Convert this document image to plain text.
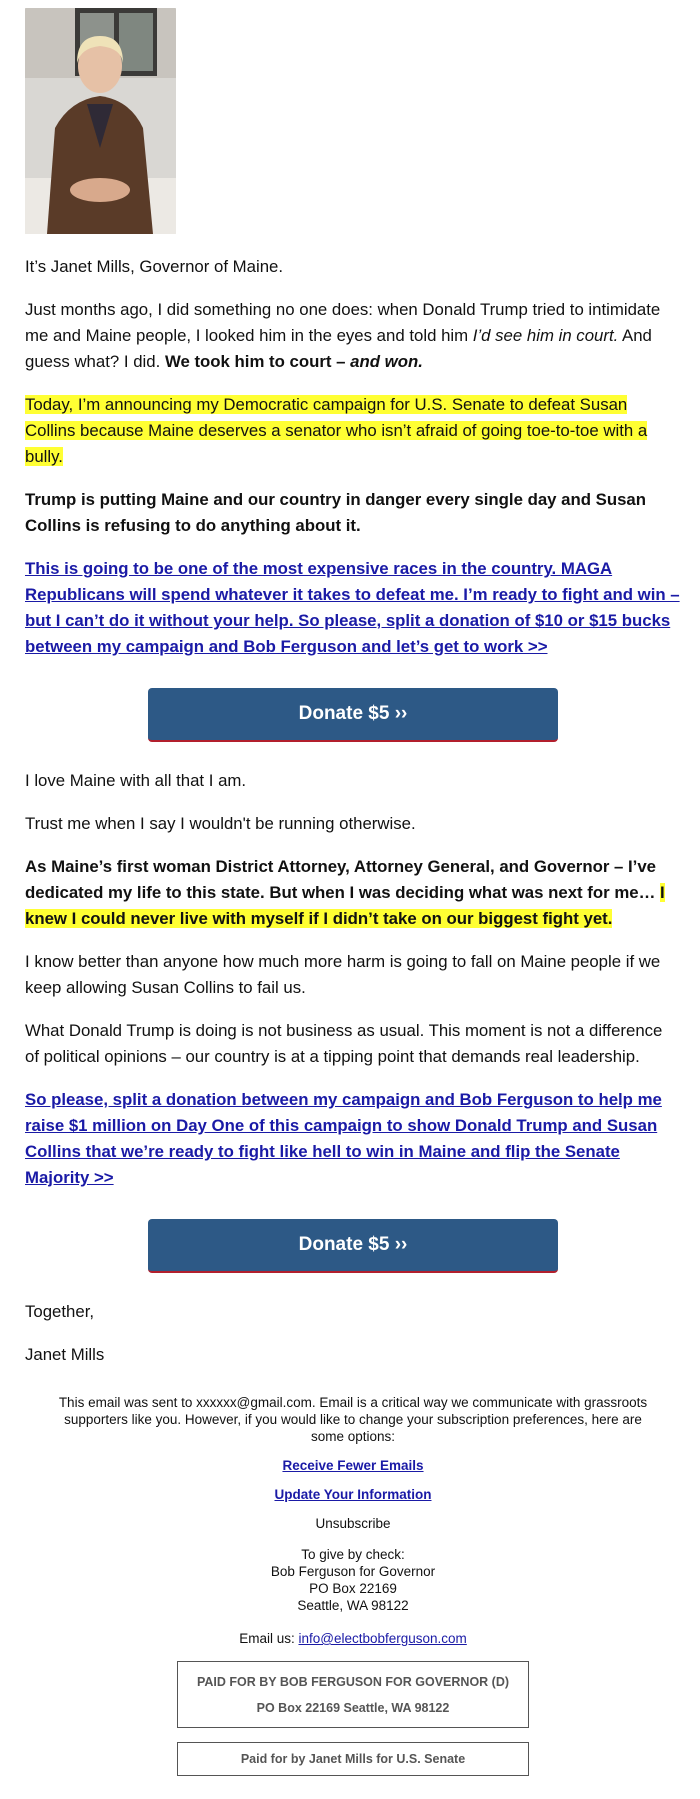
It’s Janet Mills, Governor of Maine.

Just months ago, I did something no one does: when Donald Trump tried to intimidate me and Maine people, I looked him in the eyes and told him I’d see him in court. And guess what? I did. We took him to court – and won.

Today, I’m announcing my Democratic campaign for U.S. Senate to defeat Susan Collins because Maine deserves a senator who isn’t afraid of going toe-to-toe with a bully.

Trump is putting Maine and our country in danger every single day and Susan Collins is refusing to do anything about it.

This is going to be one of the most expensive races in the country. MAGA Republicans will spend whatever it takes to defeat me. I’m ready to fight and win – but I can’t do it without your help. So please, split a donation of $10 or $15 bucks between my campaign and Bob Ferguson and let’s get to work >>

Donate $5 ››

I love Maine with all that I am.

Trust me when I say I wouldn't be running otherwise.

As Maine’s first woman District Attorney, Attorney General, and Governor – I’ve dedicated my life to this state. But when I was deciding what was next for me… I knew I could never live with myself if I didn’t take on our biggest fight yet.

I know better than anyone how much more harm is going to fall on Maine people if we keep allowing Susan Collins to fail us.

What Donald Trump is doing is not business as usual. This moment is not a difference of political opinions – our country is at a tipping point that demands real leadership.

So please, split a donation between my campaign and Bob Ferguson to help me raise $1 million on Day One of this campaign to show Donald Trump and Susan Collins that we’re ready to fight like hell to win in Maine and flip the Senate Majority >>

Donate $5 ››

Together,

Janet Mills

This email was sent to xxxxxx@gmail.com. Email is a critical way we communicate with grassroots supporters like you. However, if you would like to change your subscription preferences, here are some options:

Receive Fewer Emails
Update Your Information
Unsubscribe
To give by check:
Bob Ferguson for Governor
PO Box 22169
Seattle, WA 98122
Email us: info@electbobferguson.com
PAID FOR BY BOB FERGUSON FOR GOVERNOR (D)
PO Box 22169 Seattle, WA 98122
Paid for by Janet Mills for U.S. Senate
